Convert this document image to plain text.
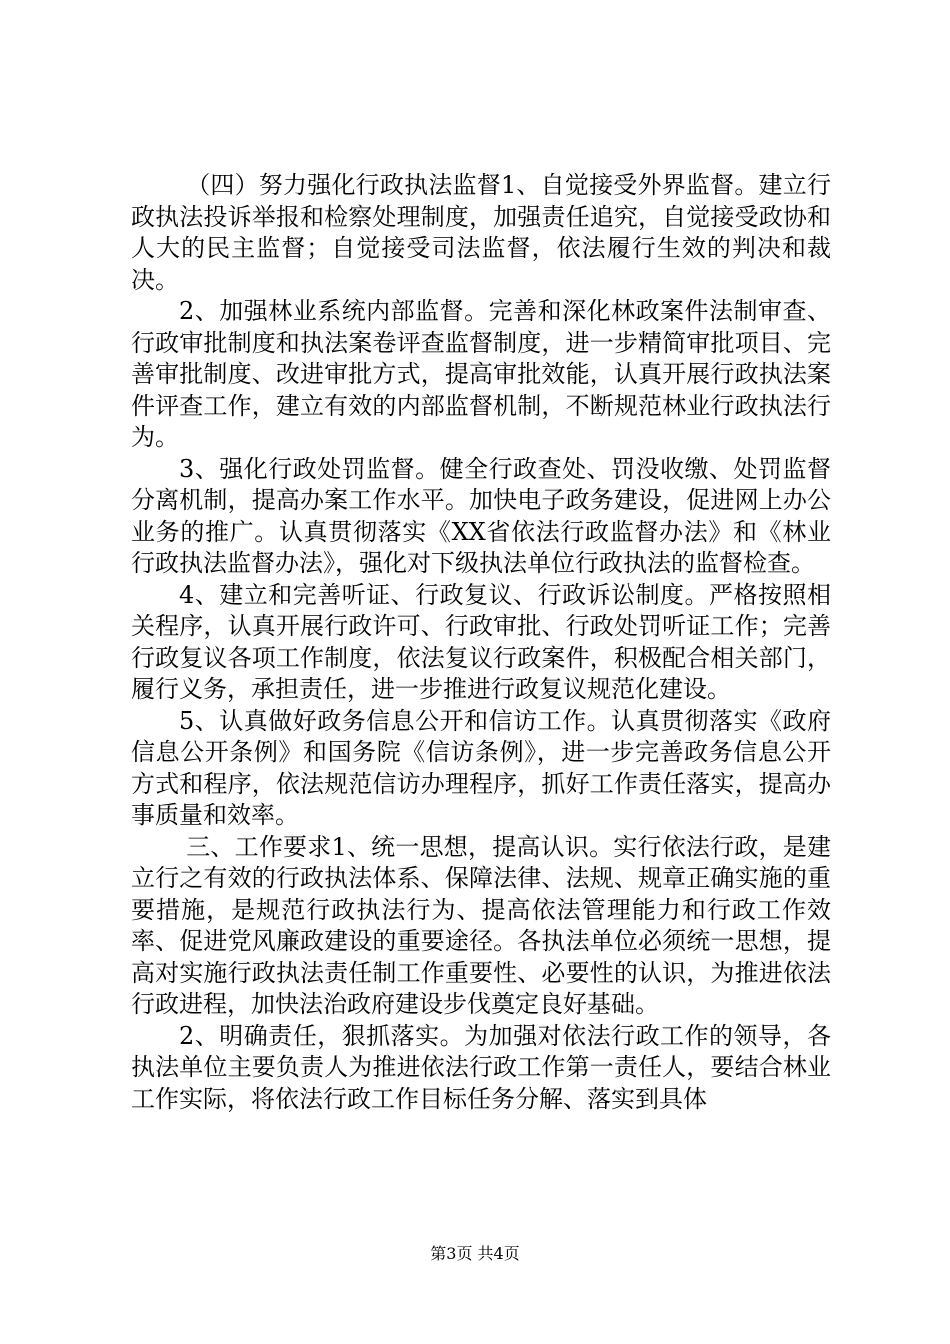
（四）努力强化行政执法监督1、自觉接受外界监督。建立行政执法投诉举报和检察处理制度，加强责任追究，自觉接受政协和人大的民主监督；自觉接受司法监督，依法履行生效的判决和裁决。

2、加强林业系统内部监督。完善和深化林政案件法制审查、行政审批制度和执法案卷评查监督制度，进一步精简审批项目、完善审批制度、改进审批方式，提高审批效能，认真开展行政执法案件评查工作，建立有效的内部监督机制，不断规范林业行政执法行为。

3、强化行政处罚监督。健全行政查处、罚没收缴、处罚监督分离机制，提高办案工作水平。加快电子政务建设，促进网上办公业务的推广。认真贯彻落实《XX省依法行政监督办法》和《林业行政执法监督办法》，强化对下级执法单位行政执法的监督检查。

4、建立和完善听证、行政复议、行政诉讼制度。严格按照相关程序，认真开展行政许可、行政审批、行政处罚听证工作；完善行政复议各项工作制度，依法复议行政案件，积极配合相关部门，履行义务，承担责任，进一步推进行政复议规范化建设。

5、认真做好政务信息公开和信访工作。认真贯彻落实《政府信息公开条例》和国务院《信访条例》，进一步完善政务信息公开方式和程序，依法规范信访办理程序，抓好工作责任落实，提高办事质量和效率。

三、工作要求1、统一思想，提高认识。实行依法行政，是建立行之有效的行政执法体系、保障法律、法规、规章正确实施的重要措施，是规范行政执法行为、提高依法管理能力和行政工作效率、促进党风廉政建设的重要途径。各执法单位必须统一思想，提高对实施行政执法责任制工作重要性、必要性的认识，为推进依法行政进程，加快法治政府建设步伐奠定良好基础。

2、明确责任，狠抓落实。为加强对依法行政工作的领导，各执法单位主要负责人为推进依法行政工作第一责任人，要结合林业工作实际，将依法行政工作目标任务分解、落实到具体

第3页 共4页
